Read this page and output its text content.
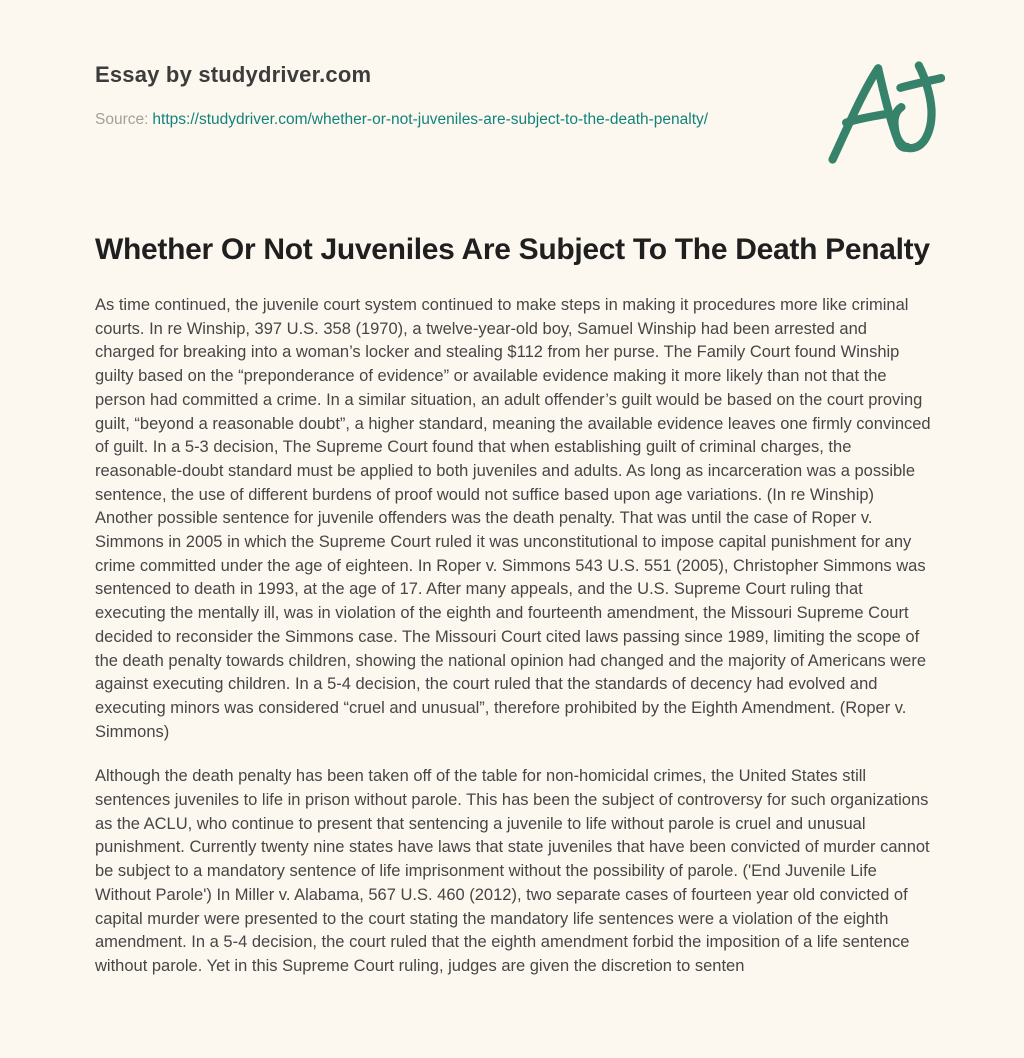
Essay by studydriver.com
Source: https://studydriver.com/whether-or-not-juveniles-are-subject-to-the-death-penalty/
Whether Or Not Juveniles Are Subject To The Death Penalty

As time continued, the juvenile court system continued to make steps in making it procedures more like criminal courts. In re Winship, 397 U.S. 358 (1970), a twelve-year-old boy, Samuel Winship had been arrested and charged for breaking into a woman’s locker and stealing $112 from her purse. The Family Court found Winship guilty based on the “preponderance of evidence” or available evidence making it more likely than not that the person had committed a crime. In a similar situation, an adult offender’s guilt would be based on the court proving guilt, “beyond a reasonable doubt”, a higher standard, meaning the available evidence leaves one firmly convinced of guilt. In a 5-3 decision, The Supreme Court found that when establishing guilt of criminal charges, the reasonable-doubt standard must be applied to both juveniles and adults. As long as incarceration was a possible sentence, the use of different burdens of proof would not suffice based upon age variations. (In re Winship) Another possible sentence for juvenile offenders was the death penalty. That was until the case of Roper v. Simmons in 2005 in which the Supreme Court ruled it was unconstitutional to impose capital punishment for any crime committed under the age of eighteen. In Roper v. Simmons 543 U.S. 551 (2005), Christopher Simmons was sentenced to death in 1993, at the age of 17. After many appeals, and the U.S. Supreme Court ruling that executing the mentally ill, was in violation of the eighth and fourteenth amendment, the Missouri Supreme Court decided to reconsider the Simmons case. The Missouri Court cited laws passing since 1989, limiting the scope of the death penalty towards children, showing the national opinion had changed and the majority of Americans were against executing children. In a 5-4 decision, the court ruled that the standards of decency had evolved and executing minors was considered “cruel and unusual”, therefore prohibited by the Eighth Amendment. (Roper v. Simmons)

Although the death penalty has been taken off of the table for non-homicidal crimes, the United States still sentences juveniles to life in prison without parole. This has been the subject of controversy for such organizations as the ACLU, who continue to present that sentencing a juvenile to life without parole is cruel and unusual punishment. Currently twenty nine states have laws that state juveniles that have been convicted of murder cannot be subject to a mandatory sentence of life imprisonment without the possibility of parole. ('End Juvenile Life Without Parole') In Miller v. Alabama, 567 U.S. 460 (2012), two separate cases of fourteen year old convicted of capital murder were presented to the court stating the mandatory life sentences were a violation of the eighth amendment. In a 5-4 decision, the court ruled that the eighth amendment forbid the imposition of a life sentence without parole. Yet in this Supreme Court ruling, judges are given the discretion to senten
